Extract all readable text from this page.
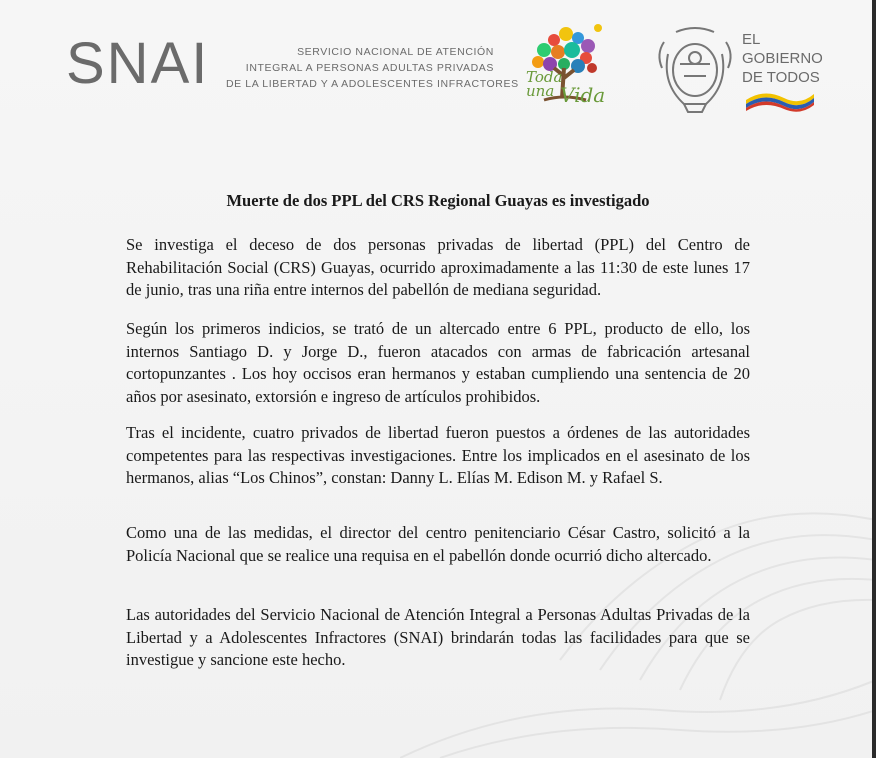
SNAI	SERVICIO NACIONAL DE ATENCIÓN
INTEGRAL A PERSONAS ADULTAS PRIVADAS
DE LA LIBERTAD Y A ADOLESCENTES INFRACTORES Toda
una Vida
EL
GOBIERNO
DE TODOS
Muerte de dos PPL del CRS Regional Guayas es investigado

Se investiga el deceso de dos personas privadas de libertad (PPL) del Centro de Rehabilitación Social (CRS) Guayas, ocurrido aproximadamente a las 11:30 de este lunes 17 de junio, tras una riña entre internos del pabellón de mediana seguridad.

Según los primeros indicios, se trató de un altercado entre 6 PPL, producto de ello, los internos Santiago D. y Jorge D., fueron atacados con armas de fabricación artesanal cortopunzantes . Los hoy occisos eran hermanos y estaban cumpliendo una sentencia de 20 años por asesinato, extorsión e ingreso de artículos prohibidos.

Tras el incidente, cuatro privados de libertad fueron puestos a órdenes de las autoridades competentes para las respectivas investigaciones. Entre los implicados en el asesinato de los hermanos, alias “Los Chinos”, constan: Danny L. Elías M. Edison M. y Rafael S.

Como una de las medidas, el director del centro penitenciario César Castro, solicitó a la Policía Nacional que se realice una requisa en el pabellón donde ocurrió dicho altercado.

Las autoridades del Servicio Nacional de Atención Integral a Personas Adultas Privadas de la Libertad y a Adolescentes Infractores (SNAI) brindarán todas las facilidades para que se investigue y sancione este hecho.
